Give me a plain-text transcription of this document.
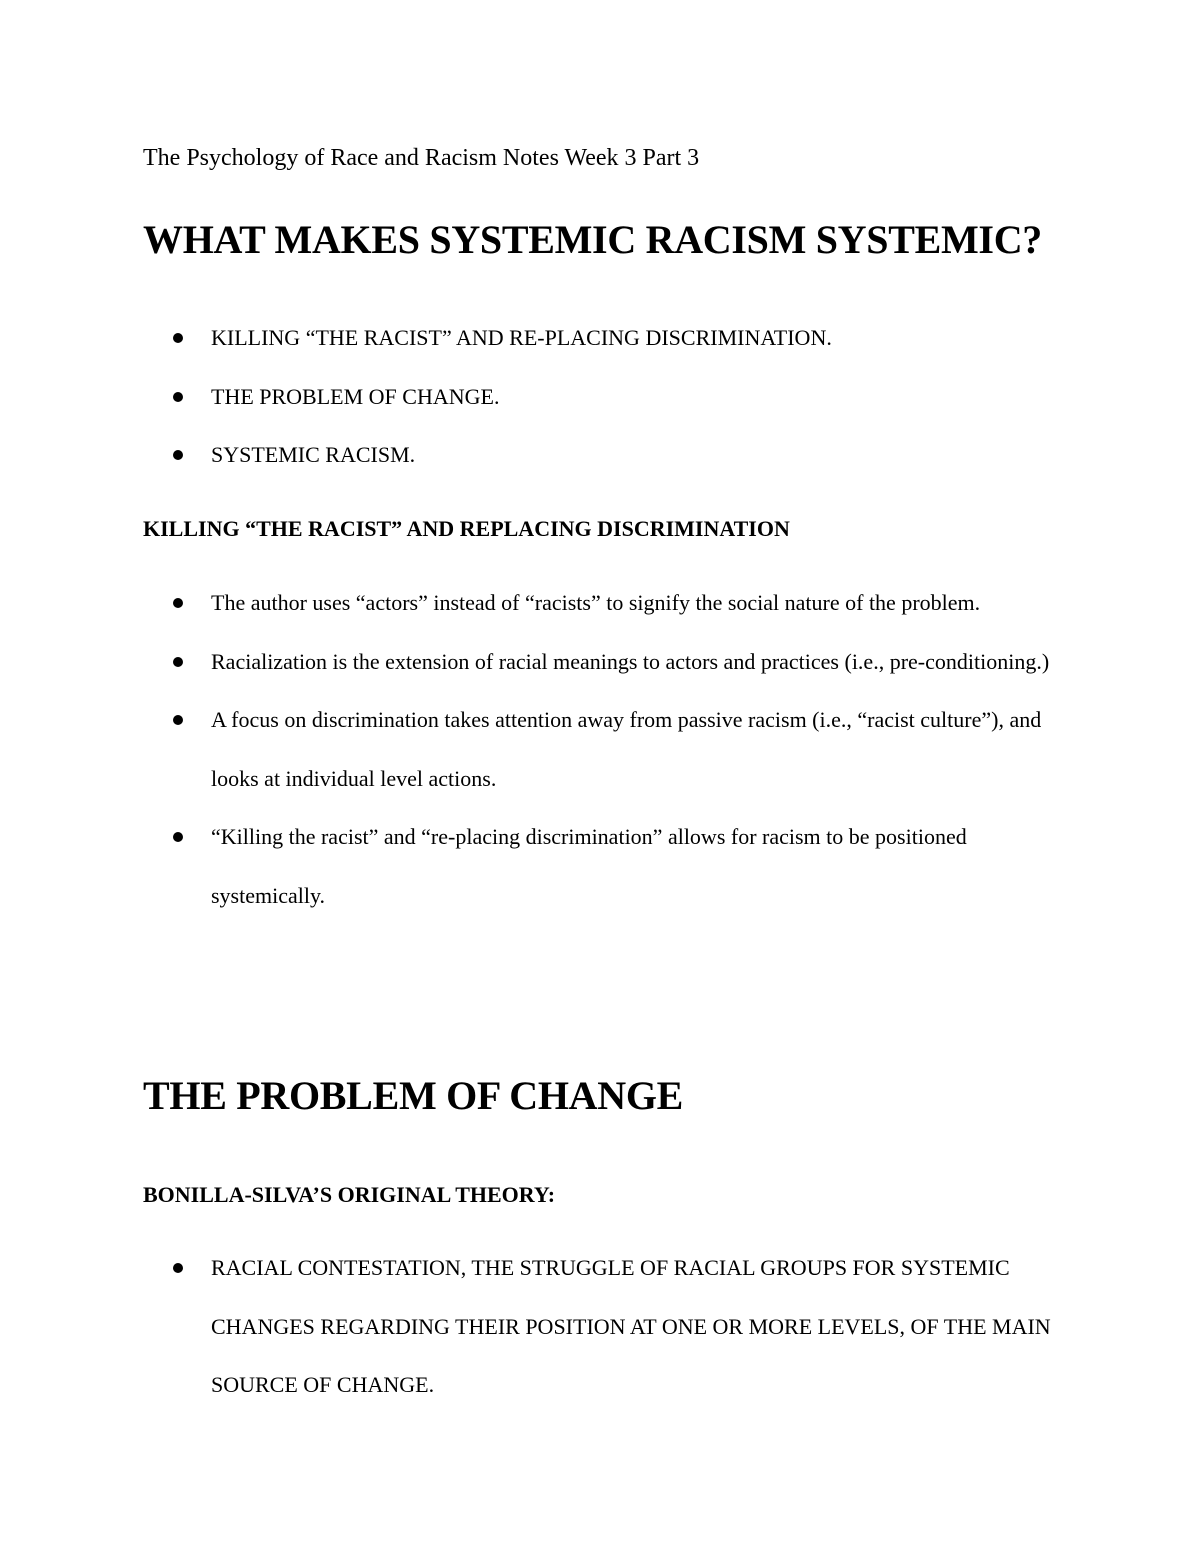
The Psychology of Race and Racism Notes Week 3 Part 3
WHAT MAKES SYSTEMIC RACISM SYSTEMIC?
KILLING “THE RACIST” AND RE-PLACING DISCRIMINATION.
THE PROBLEM OF CHANGE.
SYSTEMIC RACISM.
KILLING “THE RACIST” AND REPLACING DISCRIMINATION
The author uses “actors” instead of “racists” to signify the social nature of the problem.
Racialization is the extension of racial meanings to actors and practices (i.e., pre-conditioning.)
A focus on discrimination takes attention away from passive racism (i.e., “racist culture”), and looks at individual level actions.
“Killing the racist” and “re-placing discrimination” allows for racism to be positioned systemically.
THE PROBLEM OF CHANGE
BONILLA-SILVA’S ORIGINAL THEORY:
RACIAL CONTESTATION, THE STRUGGLE OF RACIAL GROUPS FOR SYSTEMIC CHANGES REGARDING THEIR POSITION AT ONE OR MORE LEVELS, OF THE MAIN SOURCE OF CHANGE.
